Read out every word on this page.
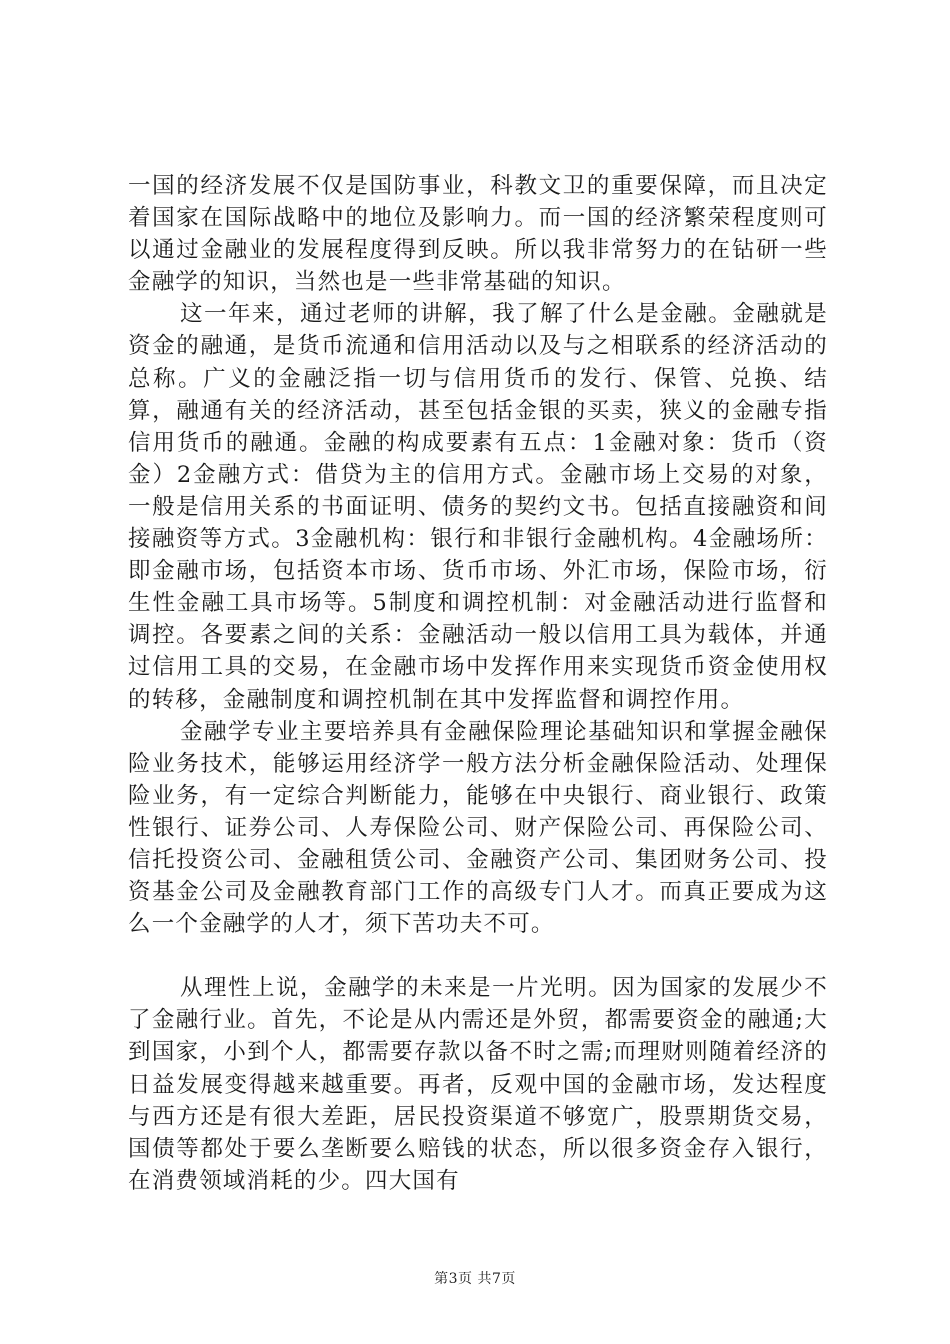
一国的经济发展不仅是国防事业，科教文卫的重要保障，而且决定着国家在国际战略中的地位及影响力。而一国的经济繁荣程度则可以通过金融业的发展程度得到反映。所以我非常努力的在钻研一些金融学的知识，当然也是一些非常基础的知识。

这一年来，通过老师的讲解，我了解了什么是金融。金融就是资金的融通，是货币流通和信用活动以及与之相联系的经济活动的总称。广义的金融泛指一切与信用货币的发行、保管、兑换、结算，融通有关的经济活动，甚至包括金银的买卖，狭义的金融专指信用货币的融通。金融的构成要素有五点：1金融对象：货币（资金）2金融方式：借贷为主的信用方式。金融市场上交易的对象，一般是信用关系的书面证明、债务的契约文书。包括直接融资和间接融资等方式。3金融机构：银行和非银行金融机构。4金融场所：即金融市场，包括资本市场、货币市场、外汇市场，保险市场，衍生性金融工具市场等。5制度和调控机制：对金融活动进行监督和调控。各要素之间的关系：金融活动一般以信用工具为载体，并通过信用工具的交易，在金融市场中发挥作用来实现货币资金使用权的转移，金融制度和调控机制在其中发挥监督和调控作用。

金融学专业主要培养具有金融保险理论基础知识和掌握金融保险业务技术，能够运用经济学一般方法分析金融保险活动、处理保险业务，有一定综合判断能力，能够在中央银行、商业银行、政策性银行、证券公司、人寿保险公司、财产保险公司、再保险公司、信托投资公司、金融租赁公司、金融资产公司、集团财务公司、投资基金公司及金融教育部门工作的高级专门人才。而真正要成为这么一个金融学的人才，须下苦功夫不可。

从理性上说，金融学的未来是一片光明。因为国家的发展少不了金融行业。首先，不论是从内需还是外贸，都需要资金的融通;大到国家，小到个人，都需要存款以备不时之需;而理财则随着经济的日益发展变得越来越重要。再者，反观中国的金融市场，发达程度与西方还是有很大差距，居民投资渠道不够宽广，股票期货交易，国债等都处于要么垄断要么赔钱的状态，所以很多资金存入银行，在消费领域消耗的少。四大国有

第3页 共7页
